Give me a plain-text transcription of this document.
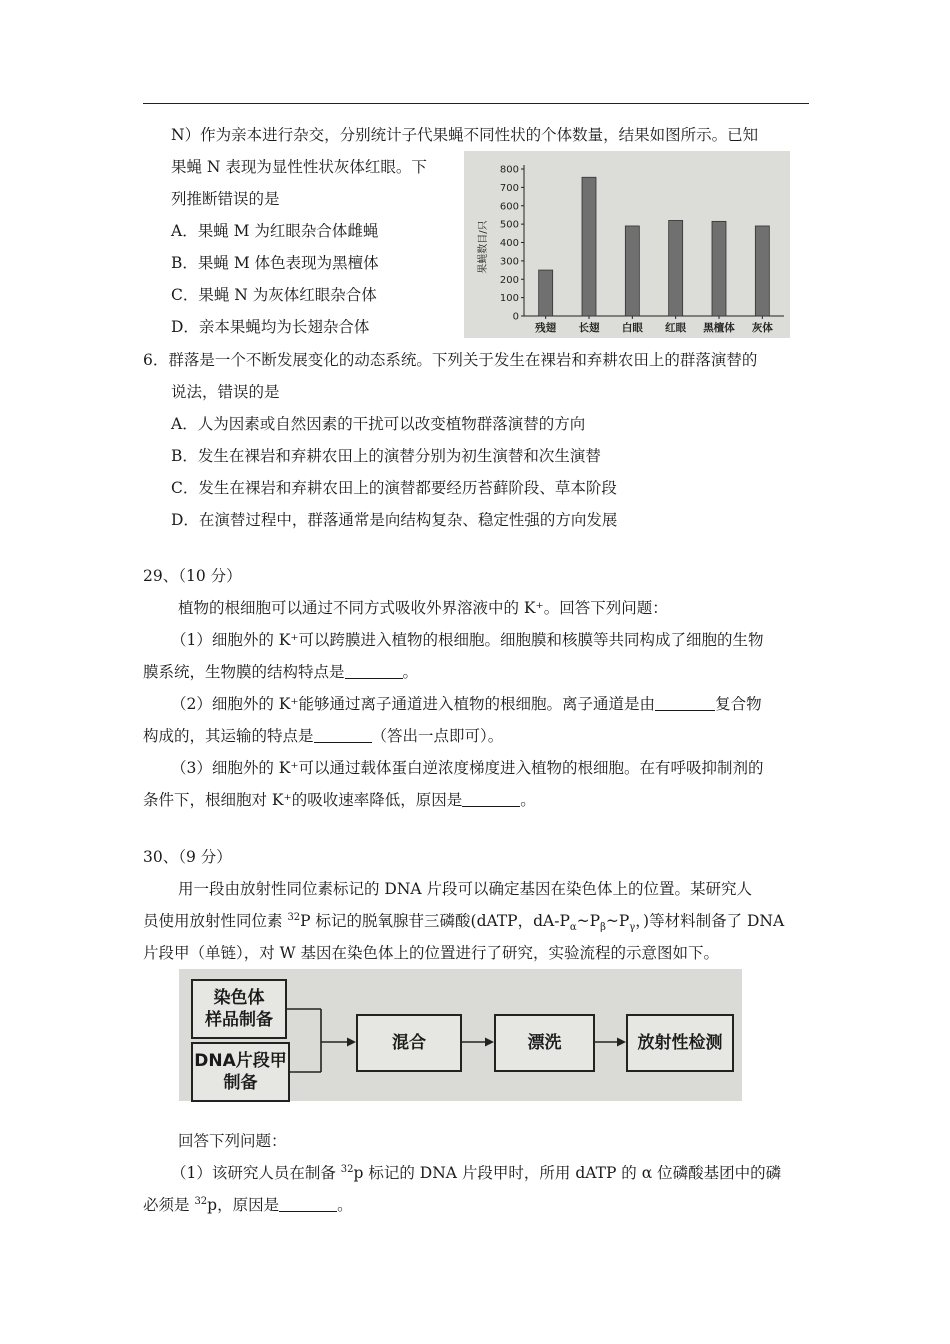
N）作为亲本进行杂交，分别统计子代果蝇不同性状的个体数量，结果如图所示。已知
果蝇 N 表现为显性性状灰体红眼。下
列推断错误的是
A．果蝇 M 为红眼杂合体雌蝇
B．果蝇 M 体色表现为黑檀体
C．果蝇 N 为灰体红眼杂合体
D．亲本果蝇均为长翅杂合体
果蝇数目/只
0
100
200
300
400
500
600
700
800
残翅 长翅 白眼 红眼 黑檀体 灰体
6．群落是一个不断发展变化的动态系统。下列关于发生在裸岩和弃耕农田上的群落演替的
说法，错误的是
A．人为因素或自然因素的干扰可以改变植物群落演替的方向
B．发生在裸岩和弃耕农田上的演替分别为初生演替和次生演替
C．发生在裸岩和弃耕农田上的演替都要经历苔藓阶段、草本阶段
D．在演替过程中，群落通常是向结构复杂、稳定性强的方向发展
29、（10 分）
植物的根细胞可以通过不同方式吸收外界溶液中的 K⁺。回答下列问题：
（1）细胞外的 K⁺可以跨膜进入植物的根细胞。细胞膜和核膜等共同构成了细胞的生物
膜系统，生物膜的结构特点是	。
（2）细胞外的 K⁺能够通过离子通道进入植物的根细胞。离子通道是由	复合物
构成的，其运输的特点是	（答出一点即可）。
（3）细胞外的 K⁺可以通过载体蛋白逆浓度梯度进入植物的根细胞。在有呼吸抑制剂的
条件下，根细胞对 K⁺的吸收速率降低，原因是	。
30、（9 分）
用一段由放射性同位素标记的 DNA 片段可以确定基因在染色体上的位置。某研究人
员使用放射性同位素 $^{32}$P 标记的脱氧腺苷三磷酸(dATP，$dA-P_\alpha\sim P_\beta\sim P_\gamma$，)等材料制备了 DNA
片段甲（单链），对 W 基因在染色体上的位置进行了研究，实验流程的示意图如下。
染色体
样品制备
DNA片段甲
制备
混合	漂洗	放射性检测
回答下列问题：
（1）该研究人员在制备 $^{32}$p 标记的 DNA 片段甲时，所用 dATP 的 α 位磷酸基团中的磷
必须是 $^{32}$p，原因是	。
